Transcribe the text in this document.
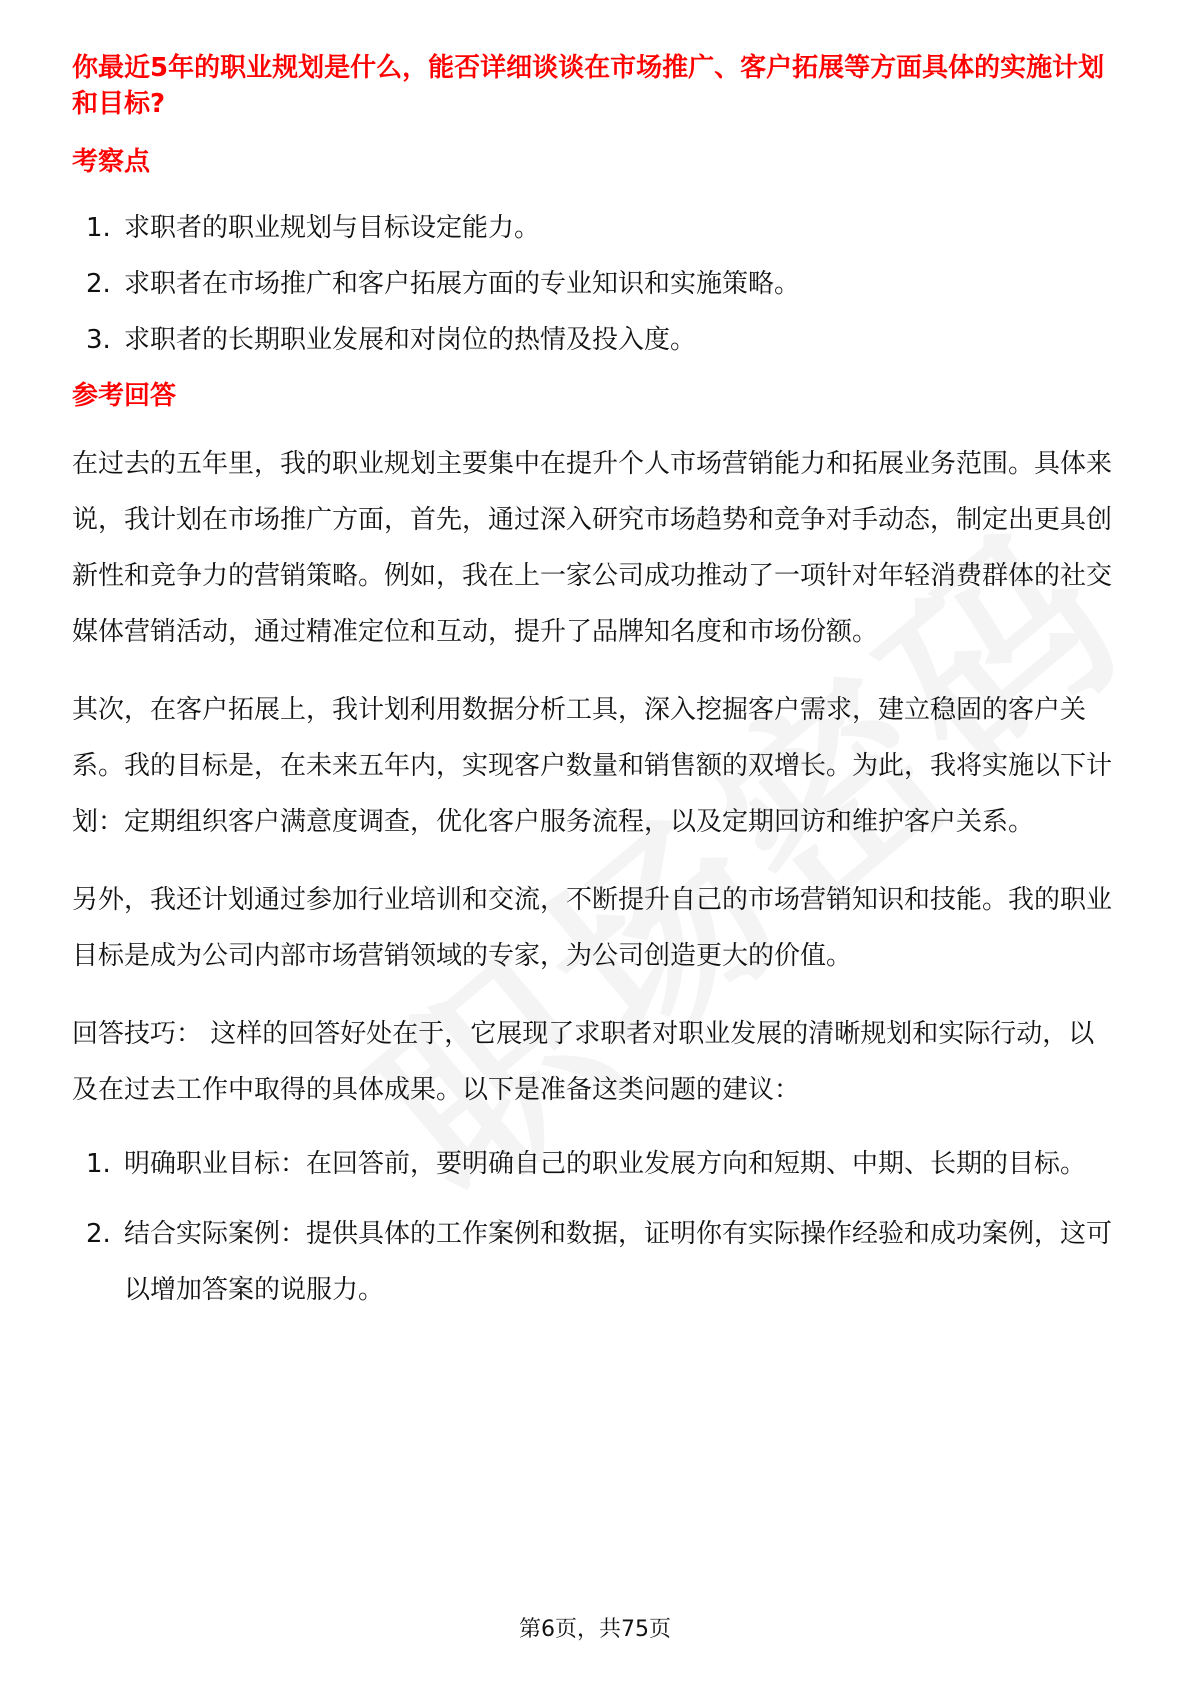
你最近5年的职业规划是什么，能否详细谈谈在市场推广、客户拓展等方面具体的实施计划和目标?

考察点
1. 求职者的职业规划与目标设定能力。
2. 求职者在市场推广和客户拓展方面的专业知识和实施策略。
3. 求职者的长期职业发展和对岗位的热情及投入度。
参考回答

在过去的五年里，我的职业规划主要集中在提升个人市场营销能力和拓展业务范围。具体来说，我计划在市场推广方面，首先，通过深入研究市场趋势和竞争对手动态，制定出更具创新性和竞争力的营销策略。例如，我在上一家公司成功推动了一项针对年轻消费群体的社交媒体营销活动，通过精准定位和互动，提升了品牌知名度和市场份额。

其次，在客户拓展上，我计划利用数据分析工具，深入挖掘客户需求，建立稳固的客户关系。我的目标是，在未来五年内，实现客户数量和销售额的双增长。为此，我将实施以下计划：定期组织客户满意度调查，优化客户服务流程，以及定期回访和维护客户关系。

另外，我还计划通过参加行业培训和交流，不断提升自己的市场营销知识和技能。我的职业目标是成为公司内部市场营销领域的专家，为公司创造更大的价值。

回答技巧： 这样的回答好处在于，它展现了求职者对职业发展的清晰规划和实际行动，以及在过去工作中取得的具体成果。以下是准备这类问题的建议：

1. 明确职业目标：在回答前，要明确自己的职业发展方向和短期、中期、长期的目标。
2. 结合实际案例：提供具体的工作案例和数据，证明你有实际操作经验和成功案例，这可以增加答案的说服力。
第6页，共75页
